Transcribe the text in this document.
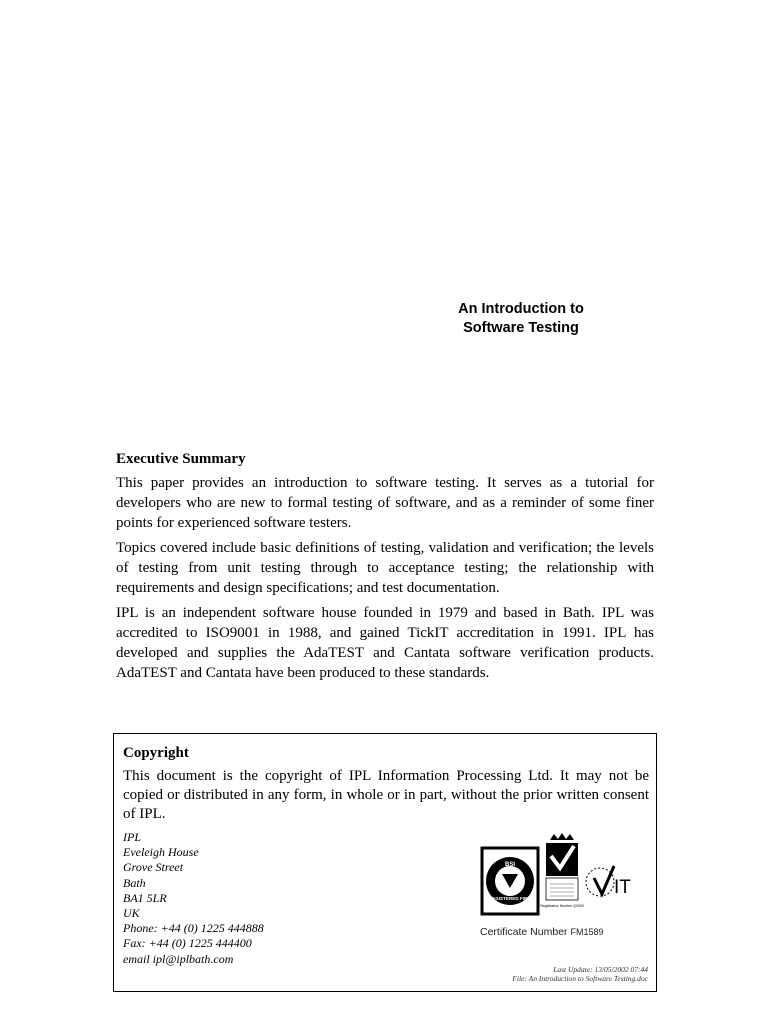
An Introduction to
Software Testing
Executive Summary

This paper provides an introduction to software testing. It serves as a tutorial for developers who are new to formal testing of software, and as a reminder of some finer points for experienced software testers.

Topics covered include basic definitions of testing, validation and verification; the levels of testing from unit testing through to acceptance testing; the relationship with requirements and design specifications; and test documentation.

IPL is an independent software house founded in 1979 and based in Bath. IPL was accredited to ISO9001 in 1988, and gained TickIT accreditation in 1991. IPL has developed and supplies the AdaTEST and Cantata software verification products. AdaTEST and Cantata have been produced to these standards.

Copyright
This document is the copyright of IPL Information Processing Ltd. It may not be copied or distributed in any form, in whole or in part, without the prior written consent of IPL.
IPL
Eveleigh House
Grove Street
Bath
BA1 5LR
UK
Phone: +44 (0) 1225 444888
Fax: +44 (0) 1225 444400
email ipl@iplbath.com
BSI
REGISTERED FIRM
IT
Registration Number Q0900
Certificate Number FM1589
Last Update: 13/05/2002 07:44
File: An Introduction to Software Testing.doc
